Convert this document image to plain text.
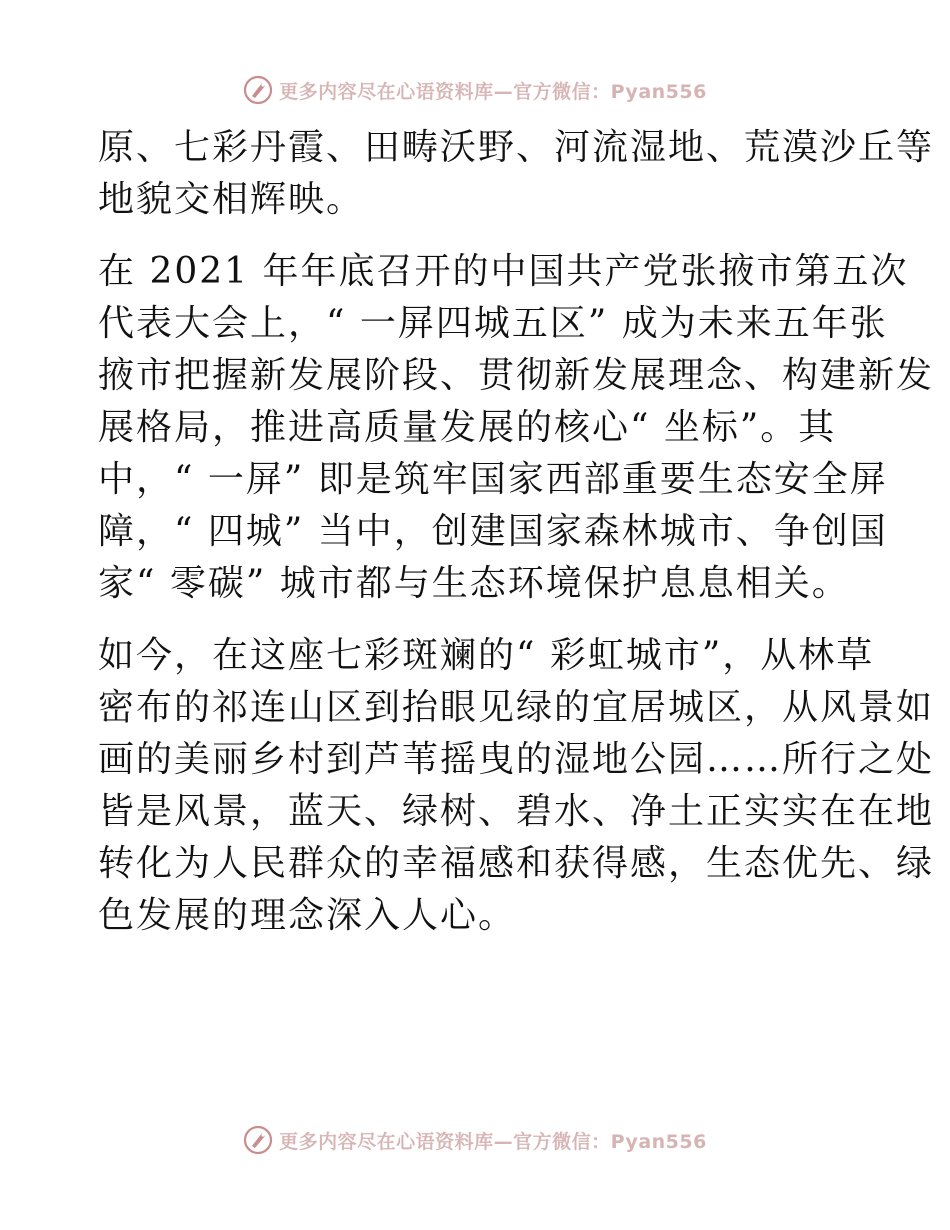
更多内容尽在心语资料库—官方微信：Pyan556
原、七彩丹霞、田畴沃野、河流湿地、荒漠沙丘等
地貌交相辉映。
在 2021 年年底召开的中国共产党张掖市第五次
代表大会上，“ 一屏四城五区” 成为未来五年张
掖市把握新发展阶段、贯彻新发展理念、构建新发
展格局，推进高质量发展的核心“ 坐标”。其
中，“ 一屏” 即是筑牢国家西部重要生态安全屏
障，“ 四城” 当中，创建国家森林城市、争创国
家“ 零碳” 城市都与生态环境保护息息相关。
如今，在这座七彩斑斓的“ 彩虹城市”，从林草
密布的祁连山区到抬眼见绿的宜居城区，从风景如
画的美丽乡村到芦苇摇曳的湿地公园……所行之处
皆是风景，蓝天、绿树、碧水、净土正实实在在地
转化为人民群众的幸福感和获得感，生态优先、绿
色发展的理念深入人心。
更多内容尽在心语资料库—官方微信：Pyan556
